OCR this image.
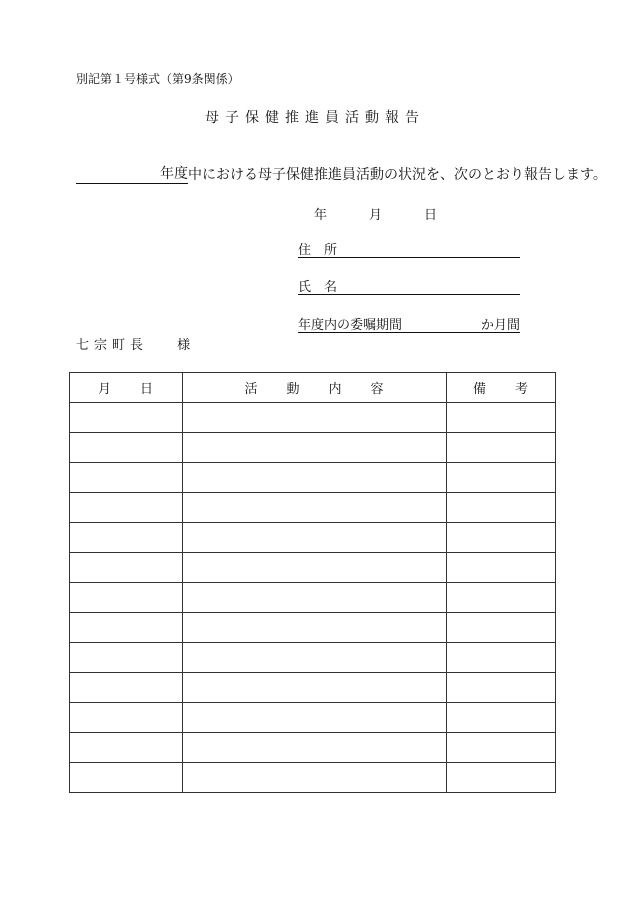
別記第１号様式（第9条関係）
母子保健推進員活動報告
年度 中における母子保健推進員活動の状況を、次のとおり報告します。
年	月	日
住　所
氏　名
年度内の委嘱期間	か月間
七宗町長 様
月　　日	活　　動　　内　　容	備　　考
